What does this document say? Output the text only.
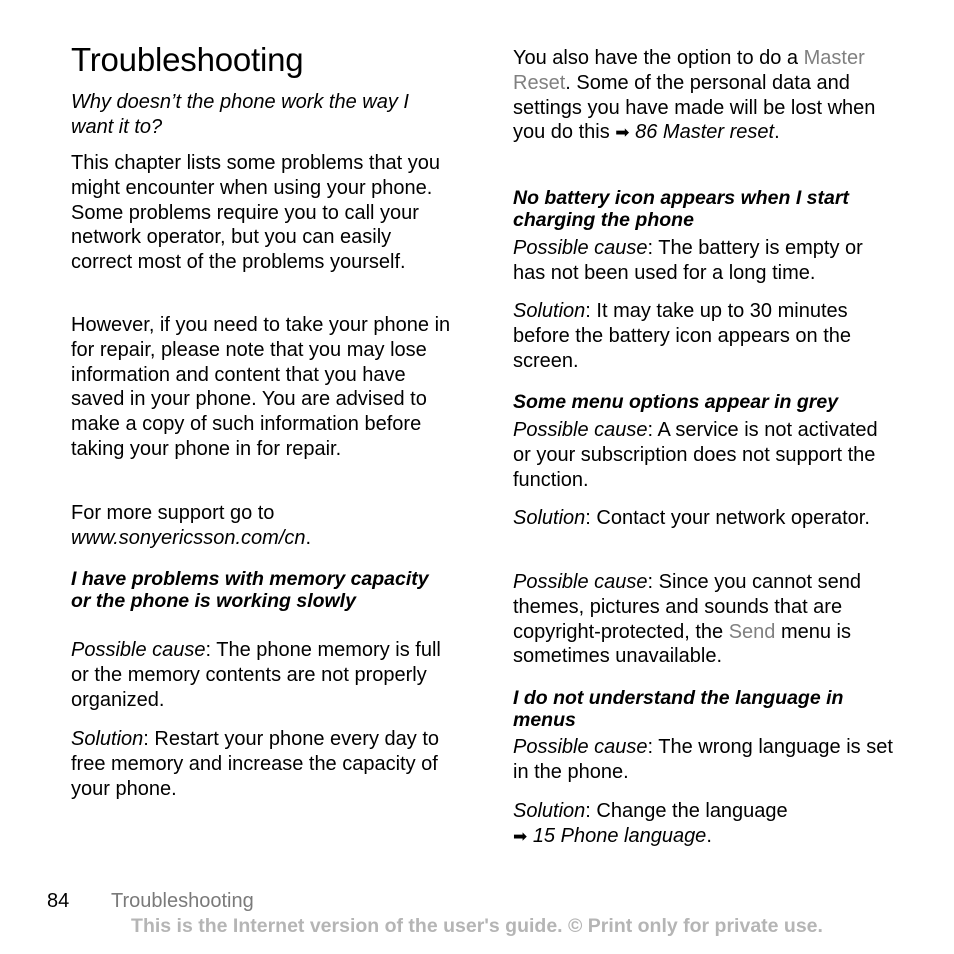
Troubleshooting

Why doesn’t the phone work the way I want it to?

This chapter lists some problems that you might encounter when using your phone. Some problems require you to call your network operator, but you can easily correct most of the problems yourself.

However, if you need to take your phone in for repair, please note that you may lose information and content that you have saved in your phone. You are advised to make a copy of such information before taking your phone in for repair.

For more support go to
www.sonyericsson.com/cn.

I have problems with memory capacity or the phone is working slowly

Possible cause: The phone memory is full or the memory contents are not properly organized.

Solution: Restart your phone every day to free memory and increase the capacity of your phone.

You also have the option to do a Master Reset. Some of the personal data and settings you have made will be lost when you do this ➡ 86 Master reset.

No battery icon appears when I start charging the phone

Possible cause: The battery is empty or has not been used for a long time.

Solution: It may take up to 30 minutes before the battery icon appears on the screen.

Some menu options appear in grey

Possible cause: A service is not activated or your subscription does not support the function.

Solution: Contact your network operator.

Possible cause: Since you cannot send themes, pictures and sounds that are copyright-protected, the Send menu is sometimes unavailable.

I do not understand the language in menus

Possible cause: The wrong language is set in the phone.

Solution: Change the language
➡ 15 Phone language.

84 Troubleshooting
This is the Internet version of the user's guide. © Print only for private use.
